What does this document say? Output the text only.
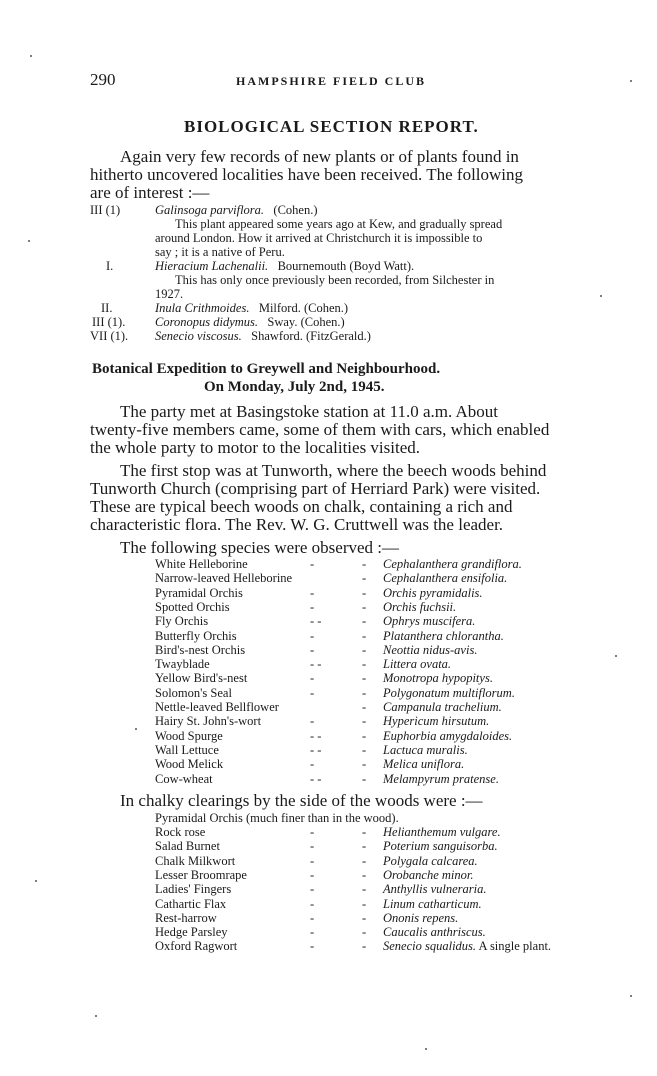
290	HAMPSHIRE FIELD CLUB
BIOLOGICAL SECTION REPORT.
Again very few records of new plants or of plants found in
hitherto uncovered localities have been received. The following
are of interest :—
III (1)	Galinsoga parviflora. (Cohen.)
This plant appeared some years ago at Kew, and gradually spread
around London. How it arrived at Christchurch it is impossible to
say ; it is a native of Peru.
I.	Hieracium Lachenalii. Bournemouth (Boyd Watt).
This has only once previously been recorded, from Silchester in
1927.
II.	Inula Crithmoides. Milford. (Cohen.)
III (1). Coronopus didymus. Sway. (Cohen.)
VII (1). Senecio viscosus. Shawford. (FitzGerald.)
Botanical Expedition to Greywell and Neighbourhood.
On Monday, July 2nd, 1945.
The party met at Basingstoke station at 11.0 a.m. About
twenty-five members came, some of them with cars, which enabled
the whole party to motor to the localities visited.
The first stop was at Tunworth, where the beech woods behind
Tunworth Church (comprising part of Herriard Park) were visited.
These are typical beech woods on chalk, containing a rich and
characteristic flora. The Rev. W. G. Cruttwell was the leader.
The following species were observed :—
White Helleborine	-	- Cephalanthera grandiflora.
Narrow-leaved Helleborine	- Cephalanthera ensifolia.
Pyramidal Orchis	-	- Orchis pyramidalis.
Spotted Orchis	-	- Orchis fuchsii.
Fly Orchis	- -	- Ophrys muscifera.
Butterfly Orchis	-	- Platanthera chlorantha.
Bird's-nest Orchis	-	- Neottia nidus-avis.
Twayblade	- -	- Littera ovata.
Yellow Bird's-nest	-	- Monotropa hypopitys.
Solomon's Seal	-	- Polygonatum multiflorum.
Nettle-leaved Bellflower	- Campanula trachelium.
Hairy St. John's-wort	-	- Hypericum hirsutum.
Wood Spurge	- -	- Euphorbia amygdaloides.
Wall Lettuce	- -	- Lactuca muralis.
Wood Melick	-	- Melica uniflora.
Cow-wheat	- -	- Melampyrum pratense.
In chalky clearings by the side of the woods were :—
Pyramidal Orchis (much finer than in the wood).
Rock rose	-	- Helianthemum vulgare.
Salad Burnet	-	- Poterium sanguisorba.
Chalk Milkwort	-	- Polygala calcarea.
Lesser Broomrape	-	- Orobanche minor.
Ladies' Fingers	-	- Anthyllis vulneraria.
Cathartic Flax	-	- Linum catharticum.
Rest-harrow	-	- Ononis repens.
Hedge Parsley	-	- Caucalis anthriscus.
Oxford Ragwort	-	- Senecio squalidus. A single plant.
